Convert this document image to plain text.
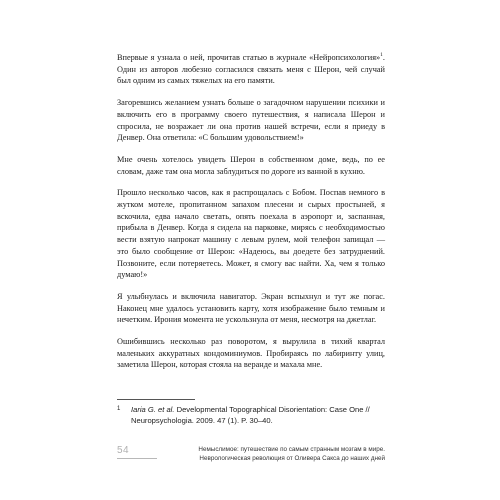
Впервые я узнала о ней, прочитав статью в журнале «Нейропсихология»$^1$. Один из авторов любезно согласился связать меня с Шерон, чей случай был одним из самых тяжелых на его памяти.

Загоревшись желанием узнать больше о загадочном нарушении психики и включить его в программу своего путешествия, я написала Шерон и спросила, не возражает ли она против нашей встречи, если я приеду в Денвер. Она ответила: «С большим удовольствием!»

Мне очень хотелось увидеть Шерон в собственном доме, ведь, по ее словам, даже там она могла заблудиться по дороге из ванной в кухню.

Прошло несколько часов, как я распрощалась с Бобом. Поспав немного в жутком мотеле, пропитанном запахом плесени и сырых простыней, я вскочила, едва начало светать, опять поехала в аэропорт и, заспанная, прибыла в Денвер. Когда я сидела на парковке, мирясь с необходимостью вести взятую напрокат машину с левым рулем, мой телефон запищал — это было сообщение от Шерон: «Надеюсь, вы доедете без затруднений. Позвоните, если потеряетесь. Может, я смогу вас найти. Ха, чем я только думаю!»

Я улыбнулась и включила навигатор. Экран вспыхнул и тут же погас. Наконец мне удалось установить карту, хотя изображение было темным и нечетким. Ирония момента не ускользнула от меня, несмотря на джетлаг.

Ошибившись несколько раз поворотом, я вырулила в тихий квартал маленьких аккуратных кондоминиумов. Пробираясь по лабиринту улиц, заметила Шерон, которая стояла на веранде и махала мне.

1 Iaria G. et al. Developmental Topographical Disorientation: Case One // Neuropsychologia. 2009. 47 (1). P. 30–40.
54	Немыслимое: путешествие по самым странным мозгам в мире.
Неврологическая революция от Оливера Сакса до наших дней
